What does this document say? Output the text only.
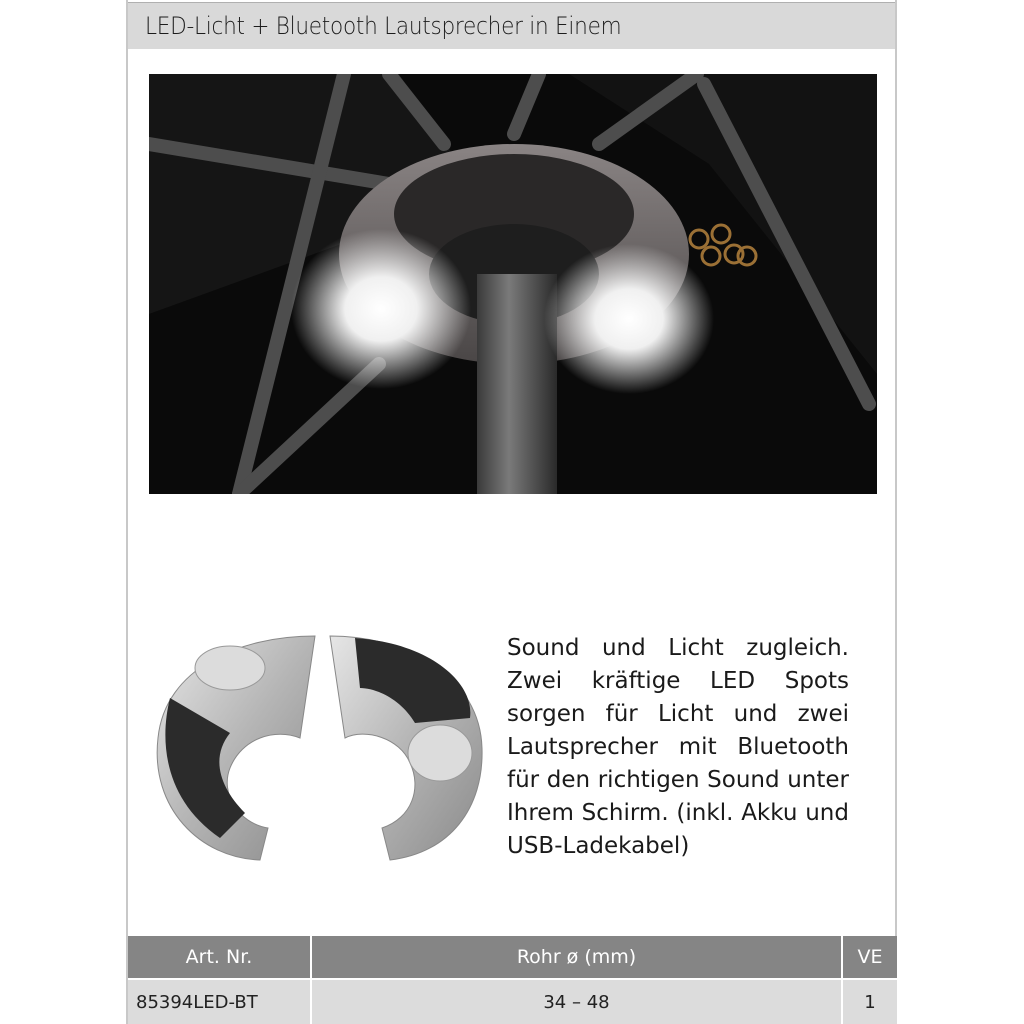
LED-Licht + Bluetooth Lautsprecher in Einem

Sound und Licht zugleich. Zwei kräftige LED Spots sorgen für Licht und zwei Lautsprecher mit Bluetooth für den richtigen Sound unter Ihrem Schirm. (inkl. Akku und USB-Ladekabel)

Art. Nr.	Rohr ø (mm)	VE
85394LED-BT	34 – 48	1
